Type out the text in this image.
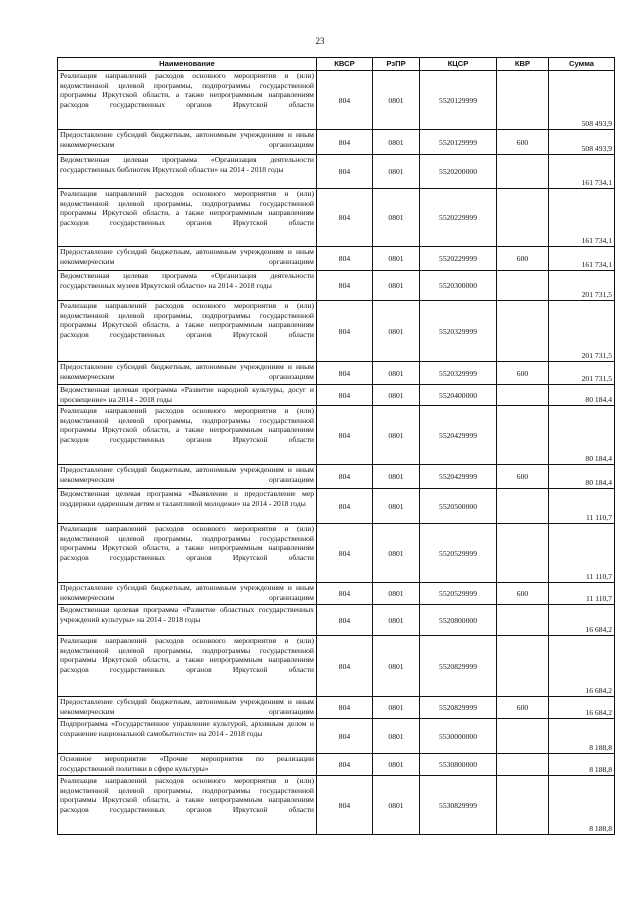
23
Наименование	КВСР	РзПР	КЦСР	КВР	Сумма
Реализация направлений расходов основного мероприятия и (или) ведомственной целевой программы, подпрограммы государственной программы Иркутской области, а также непрограммным направлениям расходов государственных органов Иркутской области	804	0801	5520129999		508 493,9
Предоставление субсидий бюджетным, автономным учреждениям и иным некоммерческим организациям	804	0801	5520129999	600	508 493,9
Ведомственная целевая программа «Организация деятельности государственных библиотек Иркутской области» на 2014 - 2018 годы	804	0801	5520200000		161 734,1
Реализация направлений расходов основного мероприятия и (или) ведомственной целевой программы, подпрограммы государственной программы Иркутской области, а также непрограммным направлениям расходов государственных органов Иркутской области	804	0801	5520229999		161 734,1
Предоставление субсидий бюджетным, автономным учреждениям и иным некоммерческим организациям	804	0801	5520229999	600	161 734,1
Ведомственная целевая программа «Организация деятельности государственных музеев Иркутской области» на 2014 - 2018 годы	804	0801	5520300000		201 731,5
Реализация направлений расходов основного мероприятия и (или) ведомственной целевой программы, подпрограммы государственной программы Иркутской области, а также непрограммным направлениям расходов государственных органов Иркутской области	804	0801	5520329999		201 731,5
Предоставление субсидий бюджетным, автономным учреждениям и иным некоммерческим организациям	804	0801	5520329999	600	201 731,5
Ведомственная целевая программа «Развитие народной культуры, досуг и просвещение» на 2014 - 2018 годы	804	0801	5520400000		80 184,4
Реализация направлений расходов основного мероприятия и (или) ведомственной целевой программы, подпрограммы государственной программы Иркутской области, а также непрограммным направлениям расходов государственных органов Иркутской области	804	0801	5520429999		80 184,4
Предоставление субсидий бюджетным, автономным учреждениям и иным некоммерческим организациям	804	0801	5520429999	600	80 184,4
Ведомственная целевая программа «Выявление и предоставление мер поддержки одаренным детям и талантливой молодежи» на 2014 - 2018 годы	804	0801	5520500000		11 110,7
Реализация направлений расходов основного мероприятия и (или) ведомственной целевой программы, подпрограммы государственной программы Иркутской области, а также непрограммным направлениям расходов государственных органов Иркутской области	804	0801	5520529999		11 110,7
Предоставление субсидий бюджетным, автономным учреждениям и иным некоммерческим организациям	804	0801	5520529999	600	11 110,7
Ведомственная целевая программа «Развитие областных государственных учреждений культуры» на 2014 - 2018 годы	804	0801	5520800000		16 684,2
Реализация направлений расходов основного мероприятия и (или) ведомственной целевой программы, подпрограммы государственной программы Иркутской области, а также непрограммным направлениям расходов государственных органов Иркутской области	804	0801	5520829999		16 684,2
Предоставление субсидий бюджетным, автономным учреждениям и иным некоммерческим организациям	804	0801	5520829999	600	16 684,2
Подпрограмма «Государственное управление культурой, архивным делом и сохранение национальной самобытности» на 2014 - 2018 годы	804	0801	5530000000		8 188,8
Основное мероприятие «Прочие мероприятия по реализации государственной политики в сфере культуры»	804	0801	5530800000		8 188,8
Реализация направлений расходов основного мероприятия и (или) ведомственной целевой программы, подпрограммы государственной программы Иркутской области, а также непрограммным направлениям расходов государственных органов Иркутской области	804	0801	5530829999		8 188,8
